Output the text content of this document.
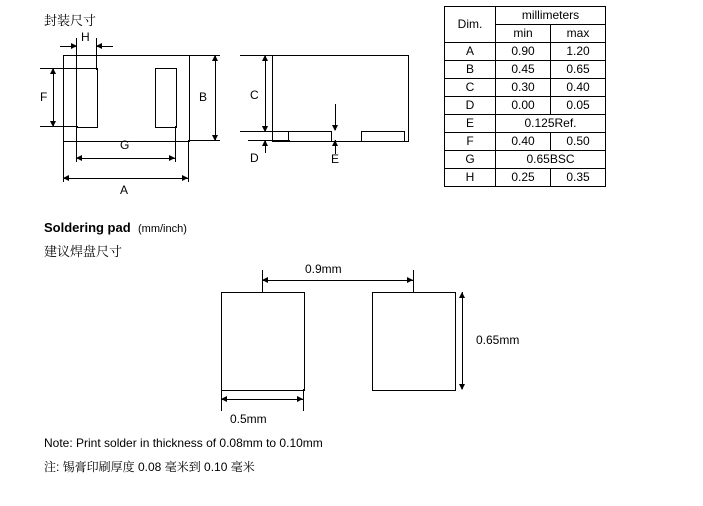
封装尺寸
Soldering pad (mm/inch)
建议焊盘尺寸
H
F	B
G
A
C
D	E
Dim.	millimeters	
	min	max
A	0.90	1.20
B	0.45	0.65
C	0.30	0.40
D	0.00	0.05
E	0.125Ref.	
F	0.40	0.50
G	0.65BSC	
H	0.25	0.35
0.9mm
0.65mm
0.5mm
Note: Print solder in thickness of 0.08mm to 0.10mm
注: 锡膏印刷厚度 0.08 毫米到 0.10 毫米
